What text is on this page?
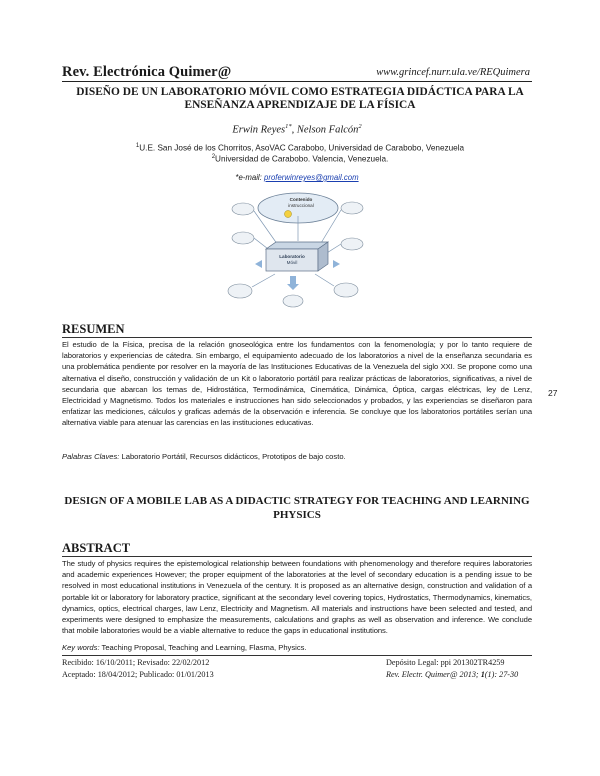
Rev. Electrónica Quimer@	www.grincef.nurr.ula.ve/REQuimera
DISEÑO DE UN LABORATORIO MÓVIL COMO ESTRATEGIA DIDÁCTICA PARA LA ENSEÑANZA APRENDIZAJE DE LA FÍSICA
Erwin Reyes$^{1*}$, Nelson Falcón$^2$
$^1$U.E. San José de los Chorritos, AsoVAC Carabobo, Universidad de Carabobo, Venezuela
$^2$Universidad de Carabobo. Valencia, Venezuela.
*e-mail: proferwinreyes@gmail.com
Contenido
instruccional
Laboratorio
Móvil
RESUMEN
El estudio de la Física, precisa de la relación gnoseológica entre los fundamentos con la fenomenología; y por lo tanto requiere de laboratorios y experiencias de cátedra. Sin embargo, el equipamiento adecuado de los laboratorios a nivel de la enseñanza secundaria es una problemática pendiente por resolver en la mayoría de las Instituciones Educativas de la Venezuela del siglo XXI. Se propone como una alternativa el diseño, construcción y validación de un Kit o laboratorio portátil para realizar prácticas de laboratorios, significativas, a nivel de secundaria que abarcan los temas de, Hidrostática, Termodinámica, Cinemática, Dinámica, Óptica, cargas eléctricas, ley de Lenz, Electricidad y Magnetismo. Todos los materiales e instrucciones han sido seleccionados y probados, y las experiencias se diseñaron para enfatizar las mediciones, cálculos y graficas además de la observación e inferencia. Se concluye que los laboratorios portátiles serían una alternativa viable para atenuar las carencias en las instituciones educativas.
Palabras Claves: Laboratorio Portátil, Recursos didácticos, Prototipos de bajo costo.
27
DESIGN OF A MOBILE LAB AS A DIDACTIC STRATEGY FOR TEACHING AND LEARNING PHYSICS
ABSTRACT
The study of physics requires the epistemological relationship between foundations with phenomenology and therefore requires laboratories and academic experiences However; the proper equipment of the laboratories at the level of secondary education is a pending issue to be resolved in most educational institutions in Venezuela of the century. It is proposed as an alternative design, construction and validation of a portable kit or laboratory for laboratory practice, significant at the secondary level covering topics, Hydrostatics, Thermodynamics, kinematics, dynamics, optics, electrical charges, law Lenz, Electricity and Magnetism. All materials and instructions have been selected and tested, and experiments were designed to emphasize the measurements, calculations and graphs as well as observation and inference. We conclude that mobile laboratories would be a viable alternative to reduce the gaps in educational institutions.
Key words: Teaching Proposal, Teaching and Learning, Flasma, Physics.
Recibido: 16/10/2011; Revisado: 22/02/2012
Aceptado: 18/04/2012; Publicado: 01/01/2013
Depósito Legal: ppi 201302TR4259
Rev. Electr. Quimer@ 2013; 1(1): 27-30
